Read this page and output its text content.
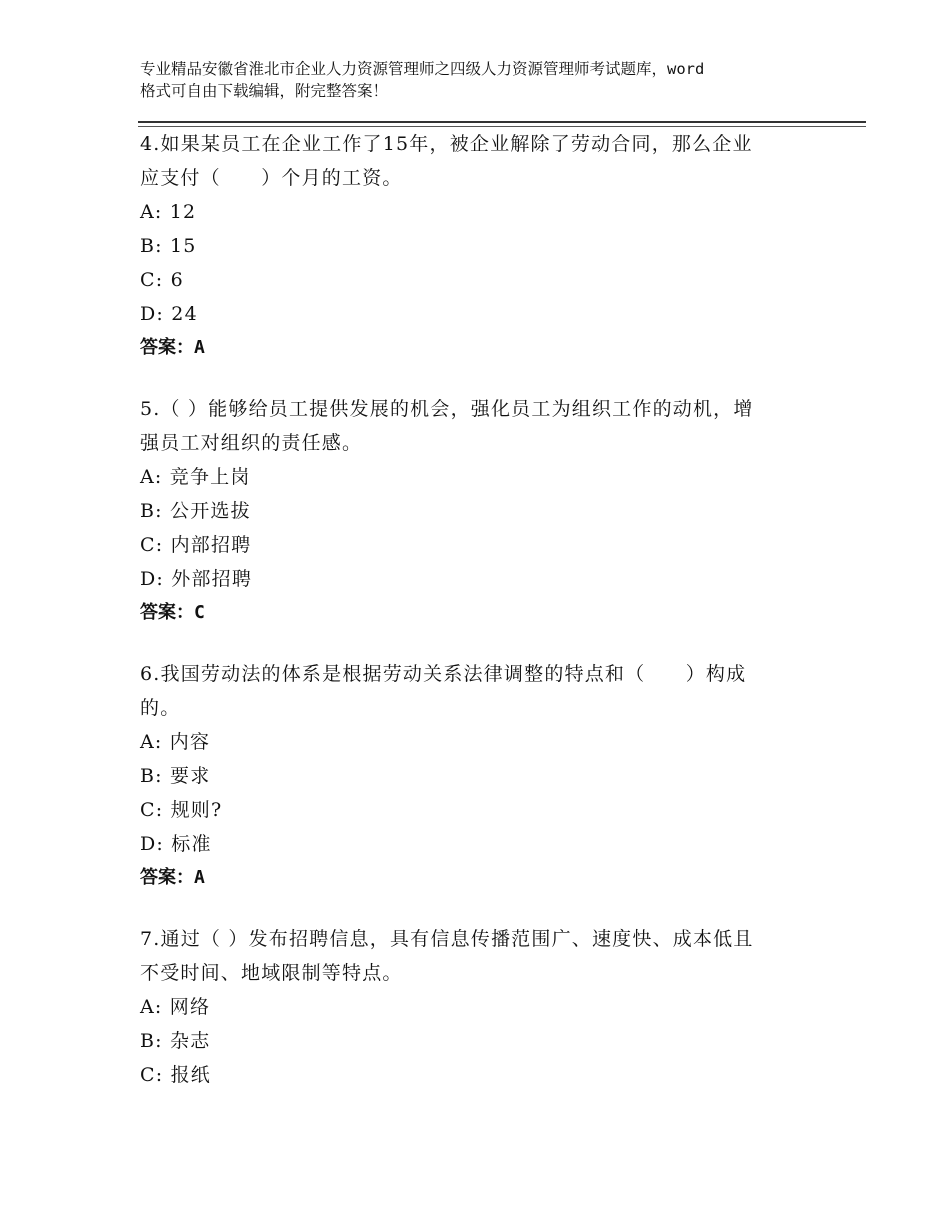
专业精品安徽省淮北市企业人力资源管理师之四级人力资源管理师考试题库，word
格式可自由下载编辑，附完整答案！
4.如果某员工在企业工作了15年，被企业解除了劳动合同，那么企业
应支付（　　）个月的工资。
A: 12
B: 15
C: 6
D: 24
答案：A
5.（ ）能够给员工提供发展的机会，强化员工为组织工作的动机，增
强员工对组织的责任感。
A: 竞争上岗
B: 公开选拔
C: 内部招聘
D: 外部招聘
答案：C
6.我国劳动法的体系是根据劳动关系法律调整的特点和（　　）构成
的。
A: 内容
B: 要求
C: 规则?
D: 标准
答案：A
7.通过（ ）发布招聘信息，具有信息传播范围广、速度快、成本低且
不受时间、地域限制等特点。
A: 网络
B: 杂志
C: 报纸
